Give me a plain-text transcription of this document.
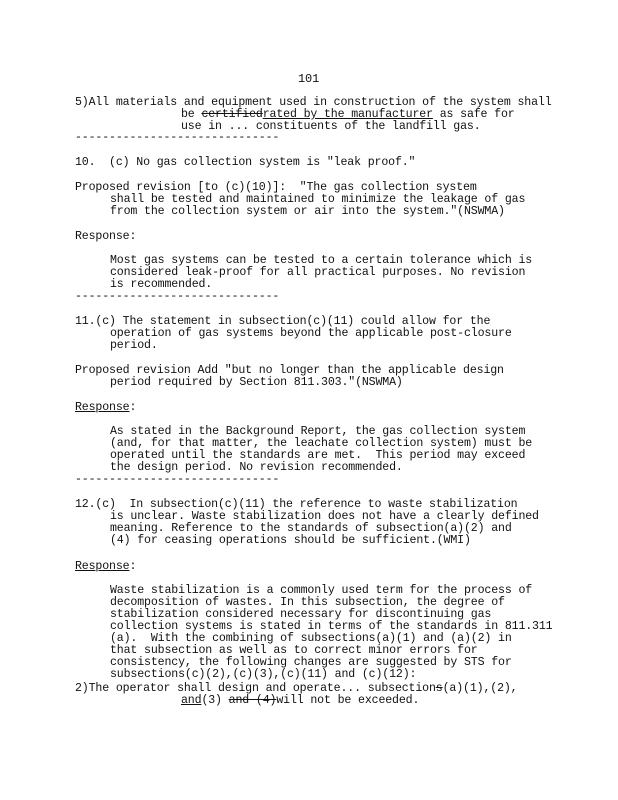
101
5)All materials and equipment used in construction of the system shall
be certifiedrated by the manufacturer as safe for
use in ... constituents of the landfill gas.
------------------------------
10.  (c) No gas collection system is "leak proof."
Proposed revision [to (c)(10)]:  "The gas collection system
shall be tested and maintained to minimize the leakage of gas
from the collection system or air into the system."(NSWMA)
Response:
Most gas systems can be tested to a certain tolerance which is
considered leak-proof for all practical purposes. No revision
is recommended.
------------------------------
11.(c) The statement in subsection(c)(11) could allow for the
operation of gas systems beyond the applicable post-closure
period.
Proposed revision Add "but no longer than the applicable design
period required by Section 811.303."(NSWMA)
Response:
As stated in the Background Report, the gas collection system
(and, for that matter, the leachate collection system) must be
operated until the standards are met.  This period may exceed
the design period. No revision recommended.
------------------------------
12.(c)  In subsection(c)(11) the reference to waste stabilization
is unclear. Waste stabilization does not have a clearly defined
meaning. Reference to the standards of subsection(a)(2) and
(4) for ceasing operations should be sufficient.(WMI)
Response:
Waste stabilization is a commonly used term for the process of
decomposition of wastes. In this subsection, the degree of
stabilization considered necessary for discontinuing gas
collection systems is stated in terms of the standards in 811.311
(a).  With the combining of subsections(a)(1) and (a)(2) in
that subsection as well as to correct minor errors for
consistency, the following changes are suggested by STS for
subsections(c)(2),(c)(3),(c)(11) and (c)(12):
2)The operator shall design and operate... subsections(a)(1),(2),
and(3) and (4)will not be exceeded.
